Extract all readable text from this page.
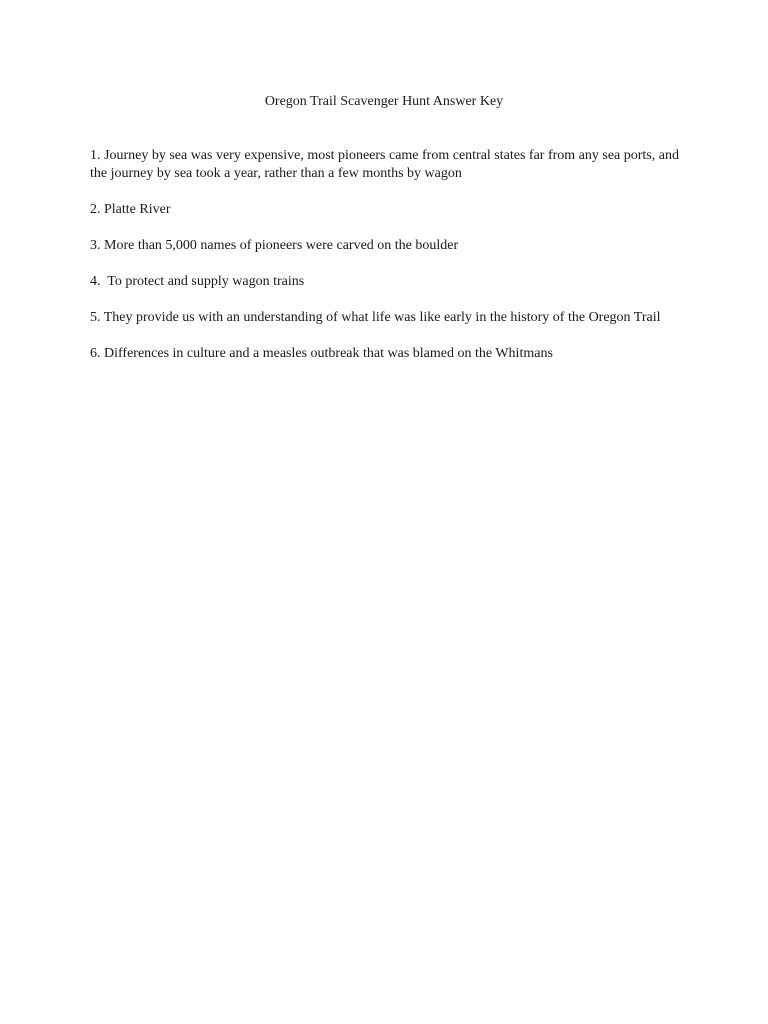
Oregon Trail Scavenger Hunt Answer Key
1. Journey by sea was very expensive, most pioneers came from central states far from any sea ports, and the journey by sea took a year, rather than a few months by wagon
2. Platte River
3. More than 5,000 names of pioneers were carved on the boulder
4.  To protect and supply wagon trains
5. They provide us with an understanding of what life was like early in the history of the Oregon Trail
6. Differences in culture and a measles outbreak that was blamed on the Whitmans
